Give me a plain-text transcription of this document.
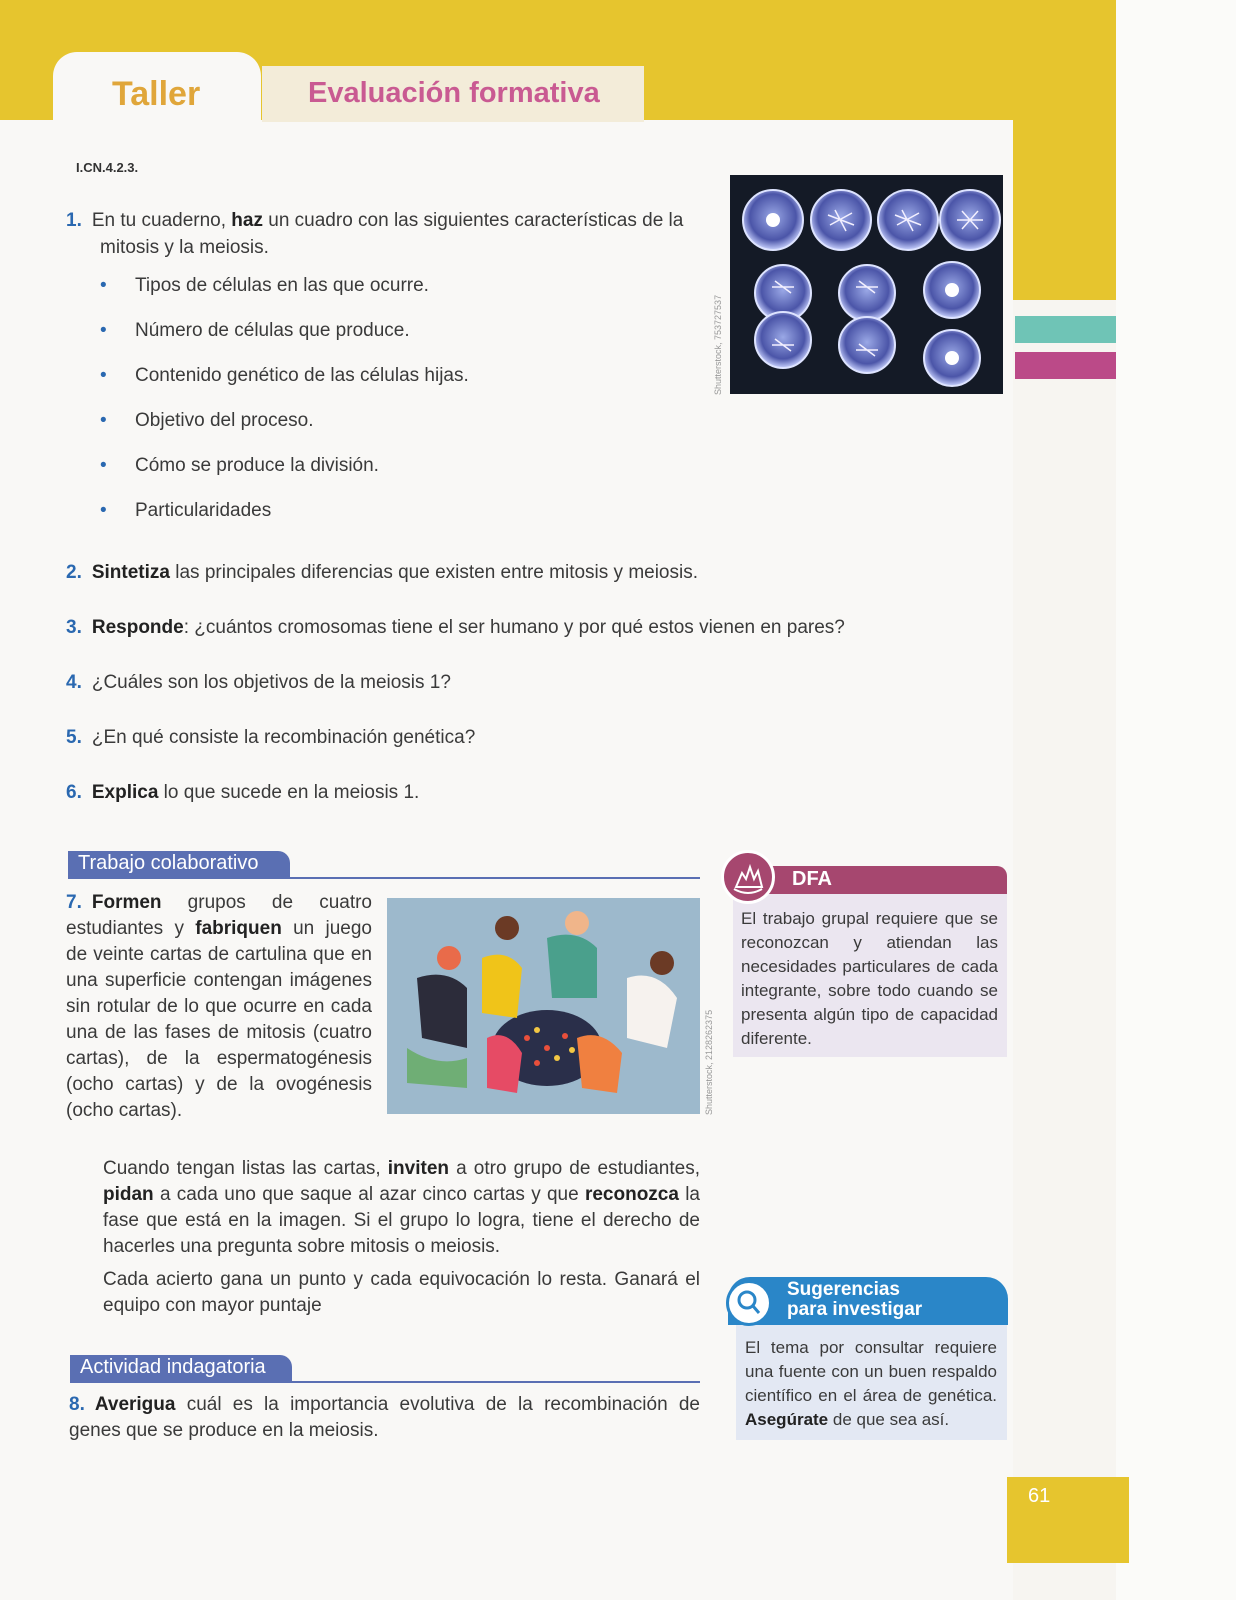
Taller	Evaluación formativa
I.CN.4.2.3.
1. En tu cuaderno, haz un cuadro con las siguientes características de la
mitosis y la meiosis.
• Tipos de células en las que ocurre.
• Número de células que produce.
• Contenido genético de las células hijas.
• Objetivo del proceso.
• Cómo se produce la división.
• Particularidades
Shutterstock, 753727537
2. Sintetiza las principales diferencias que existen entre mitosis y meiosis.
3. Responde: ¿cuántos cromosomas tiene el ser humano y por qué estos vienen en pares?
4. ¿Cuáles son los objetivos de la meiosis 1?
5. ¿En qué consiste la recombinación genética?
6. Explica lo que sucede en la meiosis 1.
Trabajo colaborativo
7. Formen grupos de cuatro estudiantes y fabriquen un juego de veinte cartas de cartulina que en una superficie contengan imágenes sin rotular de lo que ocurre en cada una de las fases de mitosis (cuatro cartas), de la espermatogénesis (ocho cartas) y de la ovogénesis (ocho cartas).	Shutterstock, 2128262375
Cuando tengan listas las cartas, inviten a otro grupo de estudiantes, pidan a cada uno que saque al azar cinco cartas y que reconozca la fase que está en la imagen. Si el grupo lo logra, tiene el derecho de hacerles una pregunta sobre mitosis o meiosis.
Cada acierto gana un punto y cada equivocación lo resta. Ganará el equipo con mayor puntaje
Actividad indagatoria
8. Averigua cuál es la importancia evolutiva de la recombinación de genes que se produce en la meiosis.
DFA
El trabajo grupal requiere que se reconozcan y atiendan las necesidades particulares de cada integrante, sobre todo cuando se presenta algún tipo de capacidad diferente.
Sugerencias
para investigar
El tema por consultar requiere una fuente con un buen respaldo científico en el área de genética. Asegúrate de que sea así.
61
